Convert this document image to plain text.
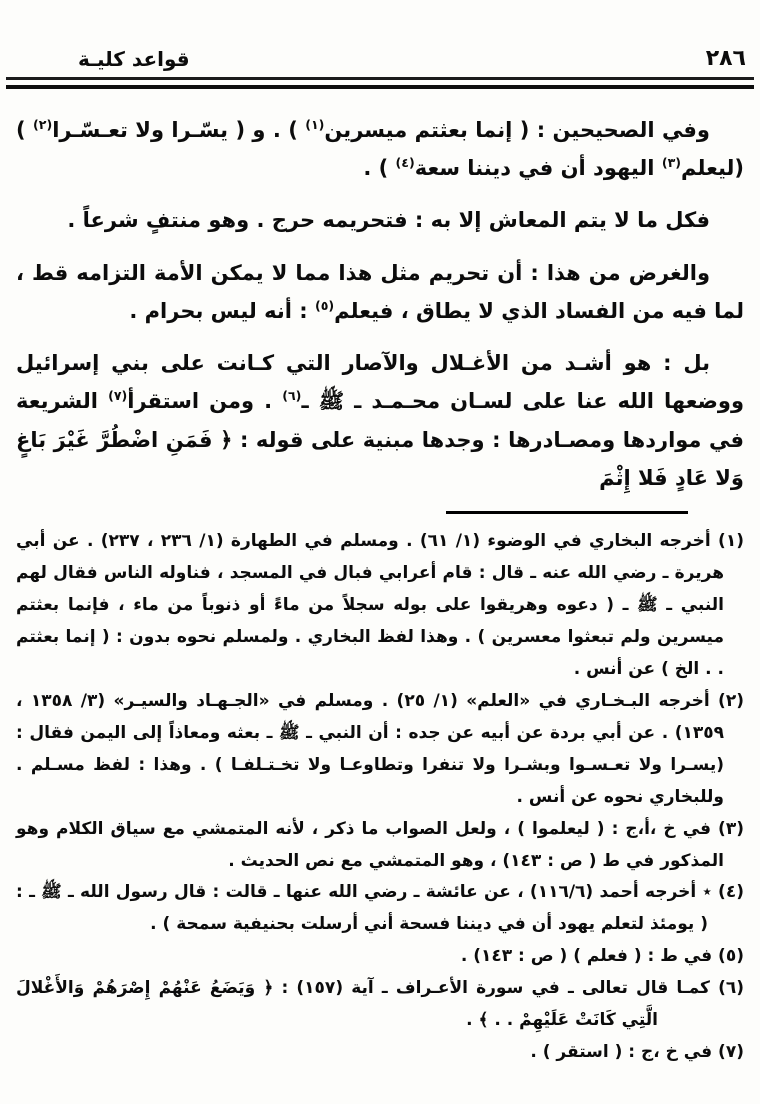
٢٨٦
قواعد كليـة

وفي الصحيحين : ( إنما بعثتم ميسرين$^{(١)}$ ) . و ( يسّـرا ولا تعـسّـرا$^{(٢)}$ ) (ليعلم$^{(٣)}$ اليهود أن في ديننا سعة$^{(٤)}$ ) .

فكل ما لا يتم المعاش إلا به : فتحريمه حرج . وهو منتفٍ شرعاً .

والغرض من هذا : أن تحريم مثل هذا مما لا يمكن الأمة التزامه قط ، لما فيه من الفساد الذي لا يطاق ، فيعلم$^{(٥)}$ : أنه ليس بحرام .

بل : هو أشـد من الأغـلال والآصار التي كـانت على بني إسرائيل ووضعها الله عنا على لسـان محـمـد ـ ﷺ ـ$^{(٦)}$ . ومن استقرأ$^{(٧)}$ الشريعة في مواردها ومصـادرها : وجدها مبنية على قوله : ﴿ فَمَنِ اضْطُرَّ غَيْرَ بَاغٍ وَلا عَادٍ فَلا إِثْمَ

(١) أخرجه البخاري في الوضوء (⁦١/ ٦١⁩) . ومسلم في الطهارة (⁦١/ ٢٣٦ ، ٢٣٧⁩) . عن أبي هريرة ـ رضي الله عنه ـ قال : قام أعرابي فبال في المسجد ، فناوله الناس فقال لهم النبي ـ ﷺ ـ ( دعوه وهريقوا على بوله سجلاً من ماءً أو ذنوباً من ماء ، فإنما بعثتم ميسرين ولم تبعثوا معسرين ) . وهذا لفظ البخاري . ولمسلم نحوه بدون : ( إنما بعثتم . . الخ ) عن أنس .

(٢) أخرجه البـخـاري في «العلم» (⁦١/ ٢٥⁩) . ومسلم في «الجـهـاد والسيـر» (⁦٣/ ١٣٥٨ ، ١٣٥٩⁩) . عن أبي بردة عن أبيه عن جده : أن النبي ـ ﷺ ـ بعثه ومعاذاً إلى اليمن فقال : (يسـرا ولا تعـسـوا وبشـرا ولا تنفرا وتطاوعـا ولا تخـتـلفـا ) . وهذا : لفظ مسـلم . وللبخاري نحوه عن أنس .

(٣) في خ ،أ،ج : ( ليعلموا ) ، ولعل الصواب ما ذكر ، لأنه المتمشي مع سياق الكلام وهو المذكور في ط ( ص : ١٤٣) ، وهو المتمشي مع نص الحديث .

(٤) ٭ أخرجه أحمد (⁦١١٦/٦⁩) ، عن عائشة ـ رضي الله عنها ـ قالت : قال رسول الله ـ ﷺ ـ : ( يومئذ لتعلم يهود أن في ديننا فسحة أني أرسلت بحنيفية سمحة ) .

(٥) في ط : ( فعلم ) ( ص : ١٤٣) .

(٦) كمـا قال تعالى ـ في سورة الأعـراف ـ آية (١٥٧) : ﴿ وَيَضَعُ عَنْهُمْ إِصْرَهُمْ وَالأَغْلالَ الَّتِي كَانَتْ عَلَيْهِمْ . . ﴾ .

(٧) في خ ،ج : ( استقر ) .
